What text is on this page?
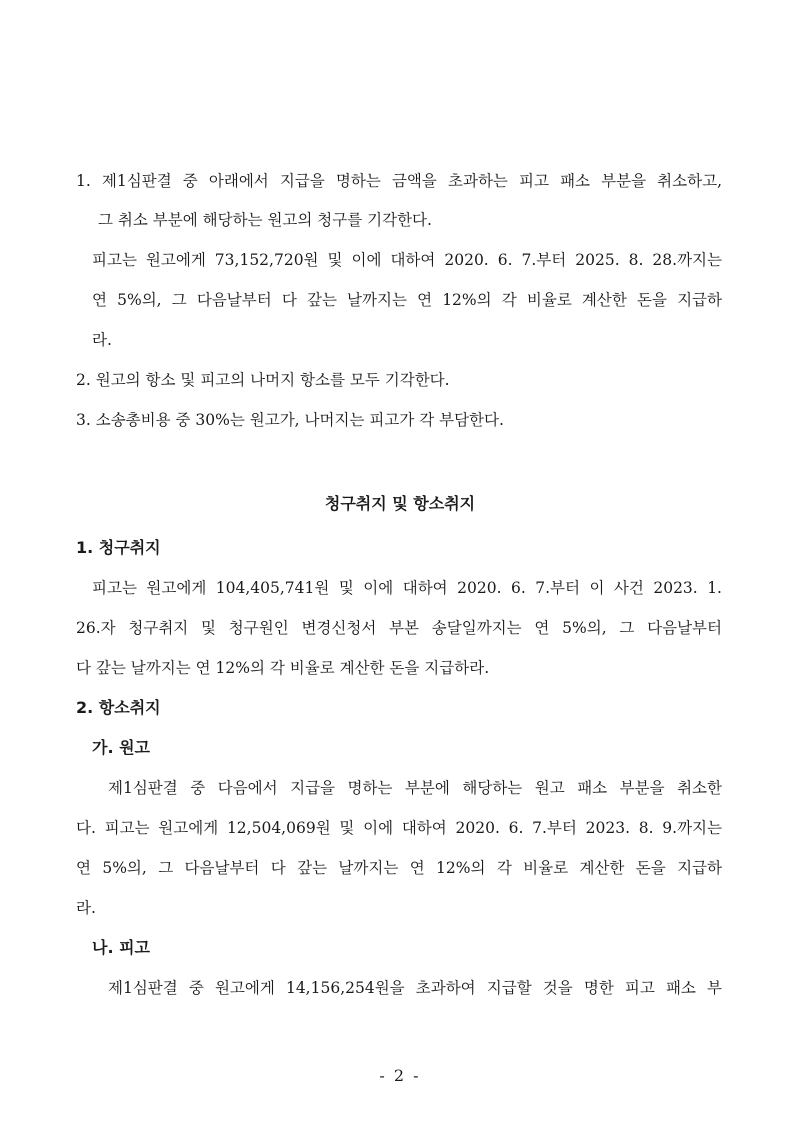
1. 제1심판결 중 아래에서 지급을 명하는 금액을 초과하는 피고 패소 부분을 취소하고,
그 취소 부분에 해당하는 원고의 청구를 기각한다.
피고는 원고에게 73,152,720원 및 이에 대하여 2020. 6. 7.부터 2025. 8. 28.까지는
연 5%의, 그 다음날부터 다 갚는 날까지는 연 12%의 각 비율로 계산한 돈을 지급하
라.
2. 원고의 항소 및 피고의 나머지 항소를 모두 기각한다.
3. 소송총비용 중 30%는 원고가, 나머지는 피고가 각 부담한다.
청구취지 및 항소취지
1. 청구취지
피고는 원고에게 104,405,741원 및 이에 대하여 2020. 6. 7.부터 이 사건 2023. 1.
26.자 청구취지 및 청구원인 변경신청서 부본 송달일까지는 연 5%의, 그 다음날부터
다 갚는 날까지는 연 12%의 각 비율로 계산한 돈을 지급하라.
2. 항소취지
가. 원고
제1심판결 중 다음에서 지급을 명하는 부분에 해당하는 원고 패소 부분을 취소한
다. 피고는 원고에게 12,504,069원 및 이에 대하여 2020. 6. 7.부터 2023. 8. 9.까지는
연 5%의, 그 다음날부터 다 갚는 날까지는 연 12%의 각 비율로 계산한 돈을 지급하
라.
나. 피고
제1심판결 중 원고에게 14,156,254원을 초과하여 지급할 것을 명한 피고 패소 부
- 2 -
